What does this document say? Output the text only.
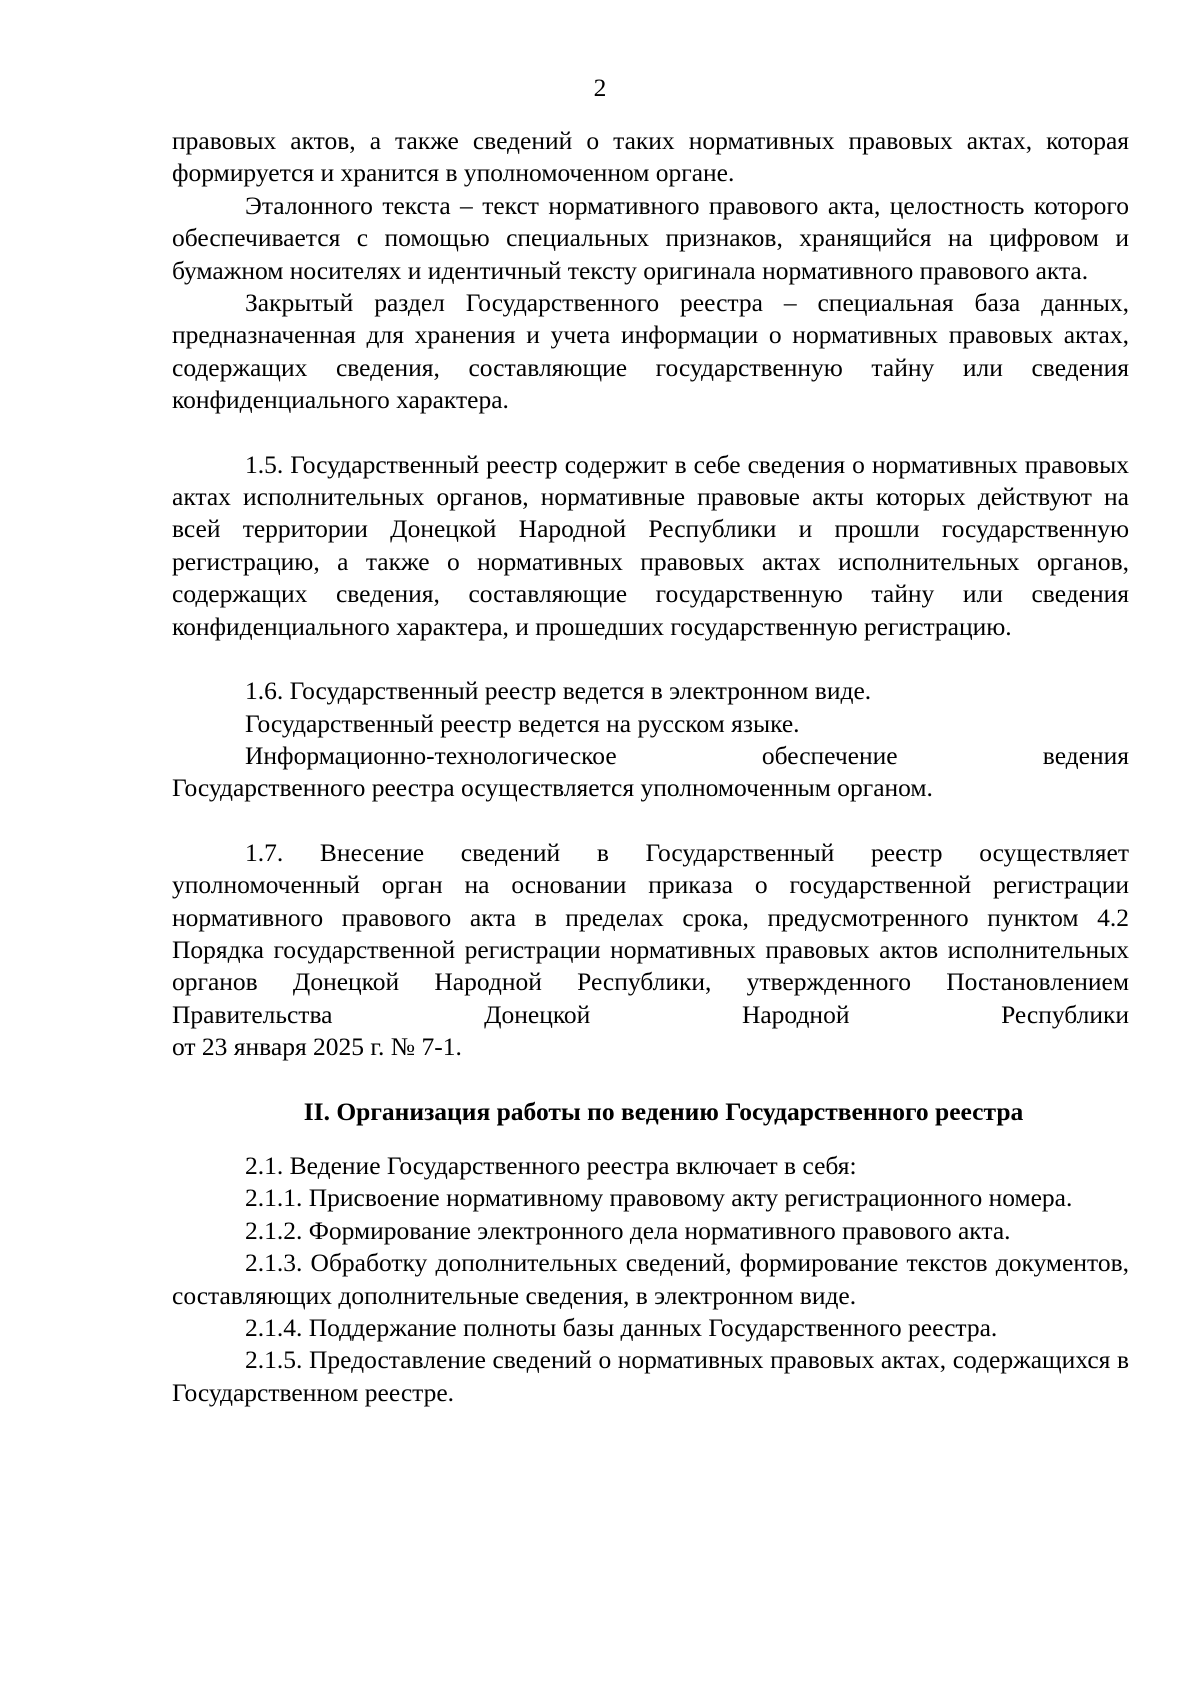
2

правовых актов, а также сведений о таких нормативных правовых актах, которая формируется и хранится в уполномоченном органе.

Эталонного текста – текст нормативного правового акта, целостность которого обеспечивается с помощью специальных признаков, хранящийся на цифровом и бумажном носителях и идентичный тексту оригинала нормативного правового акта.

Закрытый раздел Государственного реестра – специальная база данных, предназначенная для хранения и учета информации о нормативных правовых актах, содержащих сведения, составляющие государственную тайну или сведения конфиденциального характера.

1.5. Государственный реестр содержит в себе сведения о нормативных правовых актах исполнительных органов, нормативные правовые акты которых действуют на всей территории Донецкой Народной Республики и прошли государственную регистрацию, а также о нормативных правовых актах исполнительных органов, содержащих сведения, составляющие государственную тайну или сведения конфиденциального характера, и прошедших государственную регистрацию.

1.6. Государственный реестр ведется в электронном виде.

Государственный реестр ведется на русском языке.

Информационно-технологическое обеспечение ведения

Государственного реестра осуществляется уполномоченным органом.

1.7. Внесение сведений в Государственный реестр осуществляет уполномоченный орган на основании приказа о государственной регистрации нормативного правового акта в пределах срока, предусмотренного пунктом 4.2 Порядка государственной регистрации нормативных правовых актов исполнительных органов Донецкой Народной Республики, утвержденного Постановлением Правительства Донецкой Народной Республики

от 23 января 2025 г. № 7-1.

II. Организация работы по ведению Государственного реестра

2.1. Ведение Государственного реестра включает в себя:

2.1.1. Присвоение нормативному правовому акту регистрационного номера.

2.1.2. Формирование электронного дела нормативного правового акта.

2.1.3. Обработку дополнительных сведений, формирование текстов документов, составляющих дополнительные сведения, в электронном виде.

2.1.4. Поддержание полноты базы данных Государственного реестра.

2.1.5. Предоставление сведений о нормативных правовых актах, содержащихся в Государственном реестре.
